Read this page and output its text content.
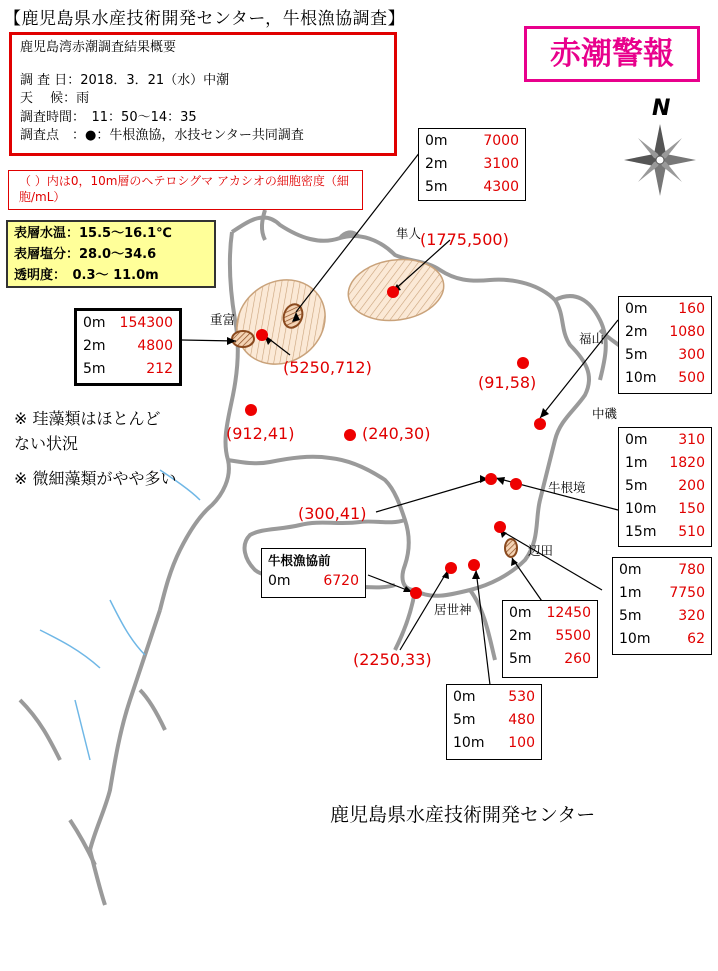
【鹿児島県水産技術開発センター，牛根漁協調査】
赤潮警報
鹿児島湾赤潮調査結果概要
調 査 日：2018．3．21（水）中潮
天　 候：雨
調査時間：　11：50～14：35
調査点　：●：牛根漁協，水技センター共同調査
（ ）内は0，10m層のヘテロシグマ アカシオの細胞密度（細胞/mL）
表層水温：15.5～16.1℃
表層塩分：28.0～34.6
透明度：　0.3～ 11.0m
N
隼人
重富
福山
中磯
牛根境
辺田
居世神
(1775,500)
(5250,712)
(91,58)
(912,41)	(240,30)
(300,41)
(2250,33)
0m	7000
2m	3100
5m	4300
0m	154300
2m	4800
5m	212
0m	160
2m	1080
5m	300
10m	500
0m	310
1m	1820
5m	200
10m	150
15m	510
0m	780
1m	7750
5m	320
10m	62
0m	12450
2m	5500
5m	260
0m	530
5m	480
10m	100
牛根漁協前
0m	6720
※ 珪藻類はほとんど
ない状況
※ 微細藻類がやや多い
鹿児島県水産技術開発センター
